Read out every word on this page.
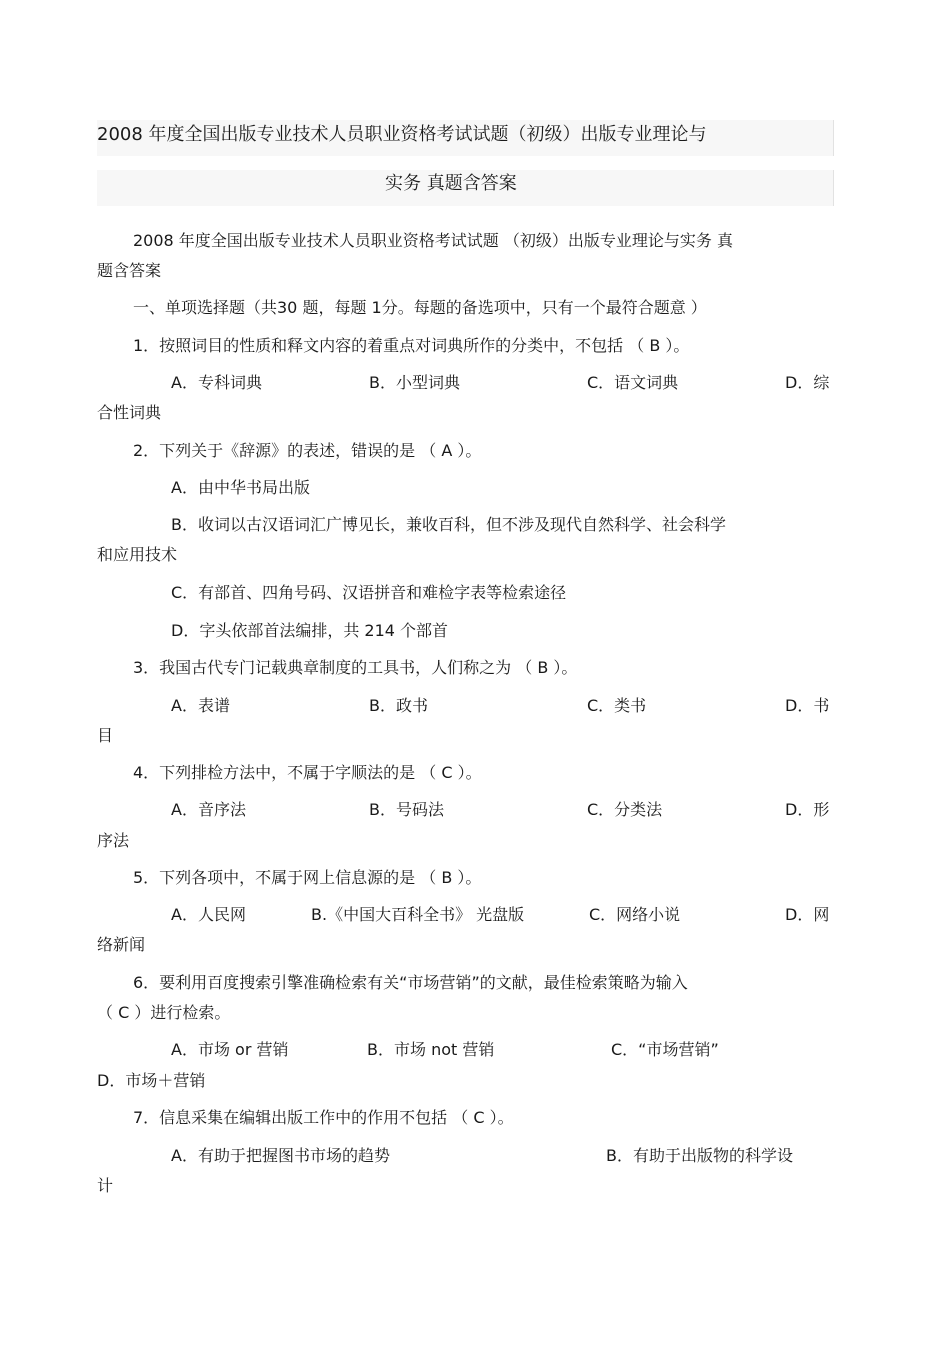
2008 年度全国出版专业技术人员职业资格考试试题（初级）出版专业理论与
实务 真题含答案
2008 年度全国出版专业技术人员职业资格考试试题 （初级）出版专业理论与实务 真
题含答案
一、单项选择题（共30 题，每题 1分。每题的备选项中，只有一个最符合题意 ）
1．按照词目的性质和释文内容的着重点对词典所作的分类中，不包括 （ B ）。
A．专科词典	B．小型词典	C．语文词典	D．综
合性词典
2．下列关于《辞源》的表述，错误的是 （ A ）。
A．由中华书局出版
B．收词以古汉语词汇广博见长，兼收百科，但不涉及现代自然科学、社会科学
和应用技术
C．有部首、四角号码、汉语拼音和难检字表等检索途径
D．字头依部首法编排，共 214 个部首
3．我国古代专门记载典章制度的工具书，人们称之为 （ B ）。
A．表谱	B．政书	C．类书	D．书
目
4．下列排检方法中，不属于字顺法的是 （ C ）。
A．音序法	B．号码法	C．分类法	D．形
序法
5．下列各项中，不属于网上信息源的是 （ B ）。
A．人民网	B.《中国大百科全书》 光盘版	C．网络小说	D．网
络新闻
6．要利用百度搜索引擎准确检索有关“市场营销”的文献，最佳检索策略为输入
（ C ）进行检索。
A．市场 or 营销	B．市场 not 营销	C．“市场营销”
D．市场＋营销
7．信息采集在编辑出版工作中的作用不包括 （ C ）。
A．有助于把握图书市场的趋势	B．有助于出版物的科学设
计
